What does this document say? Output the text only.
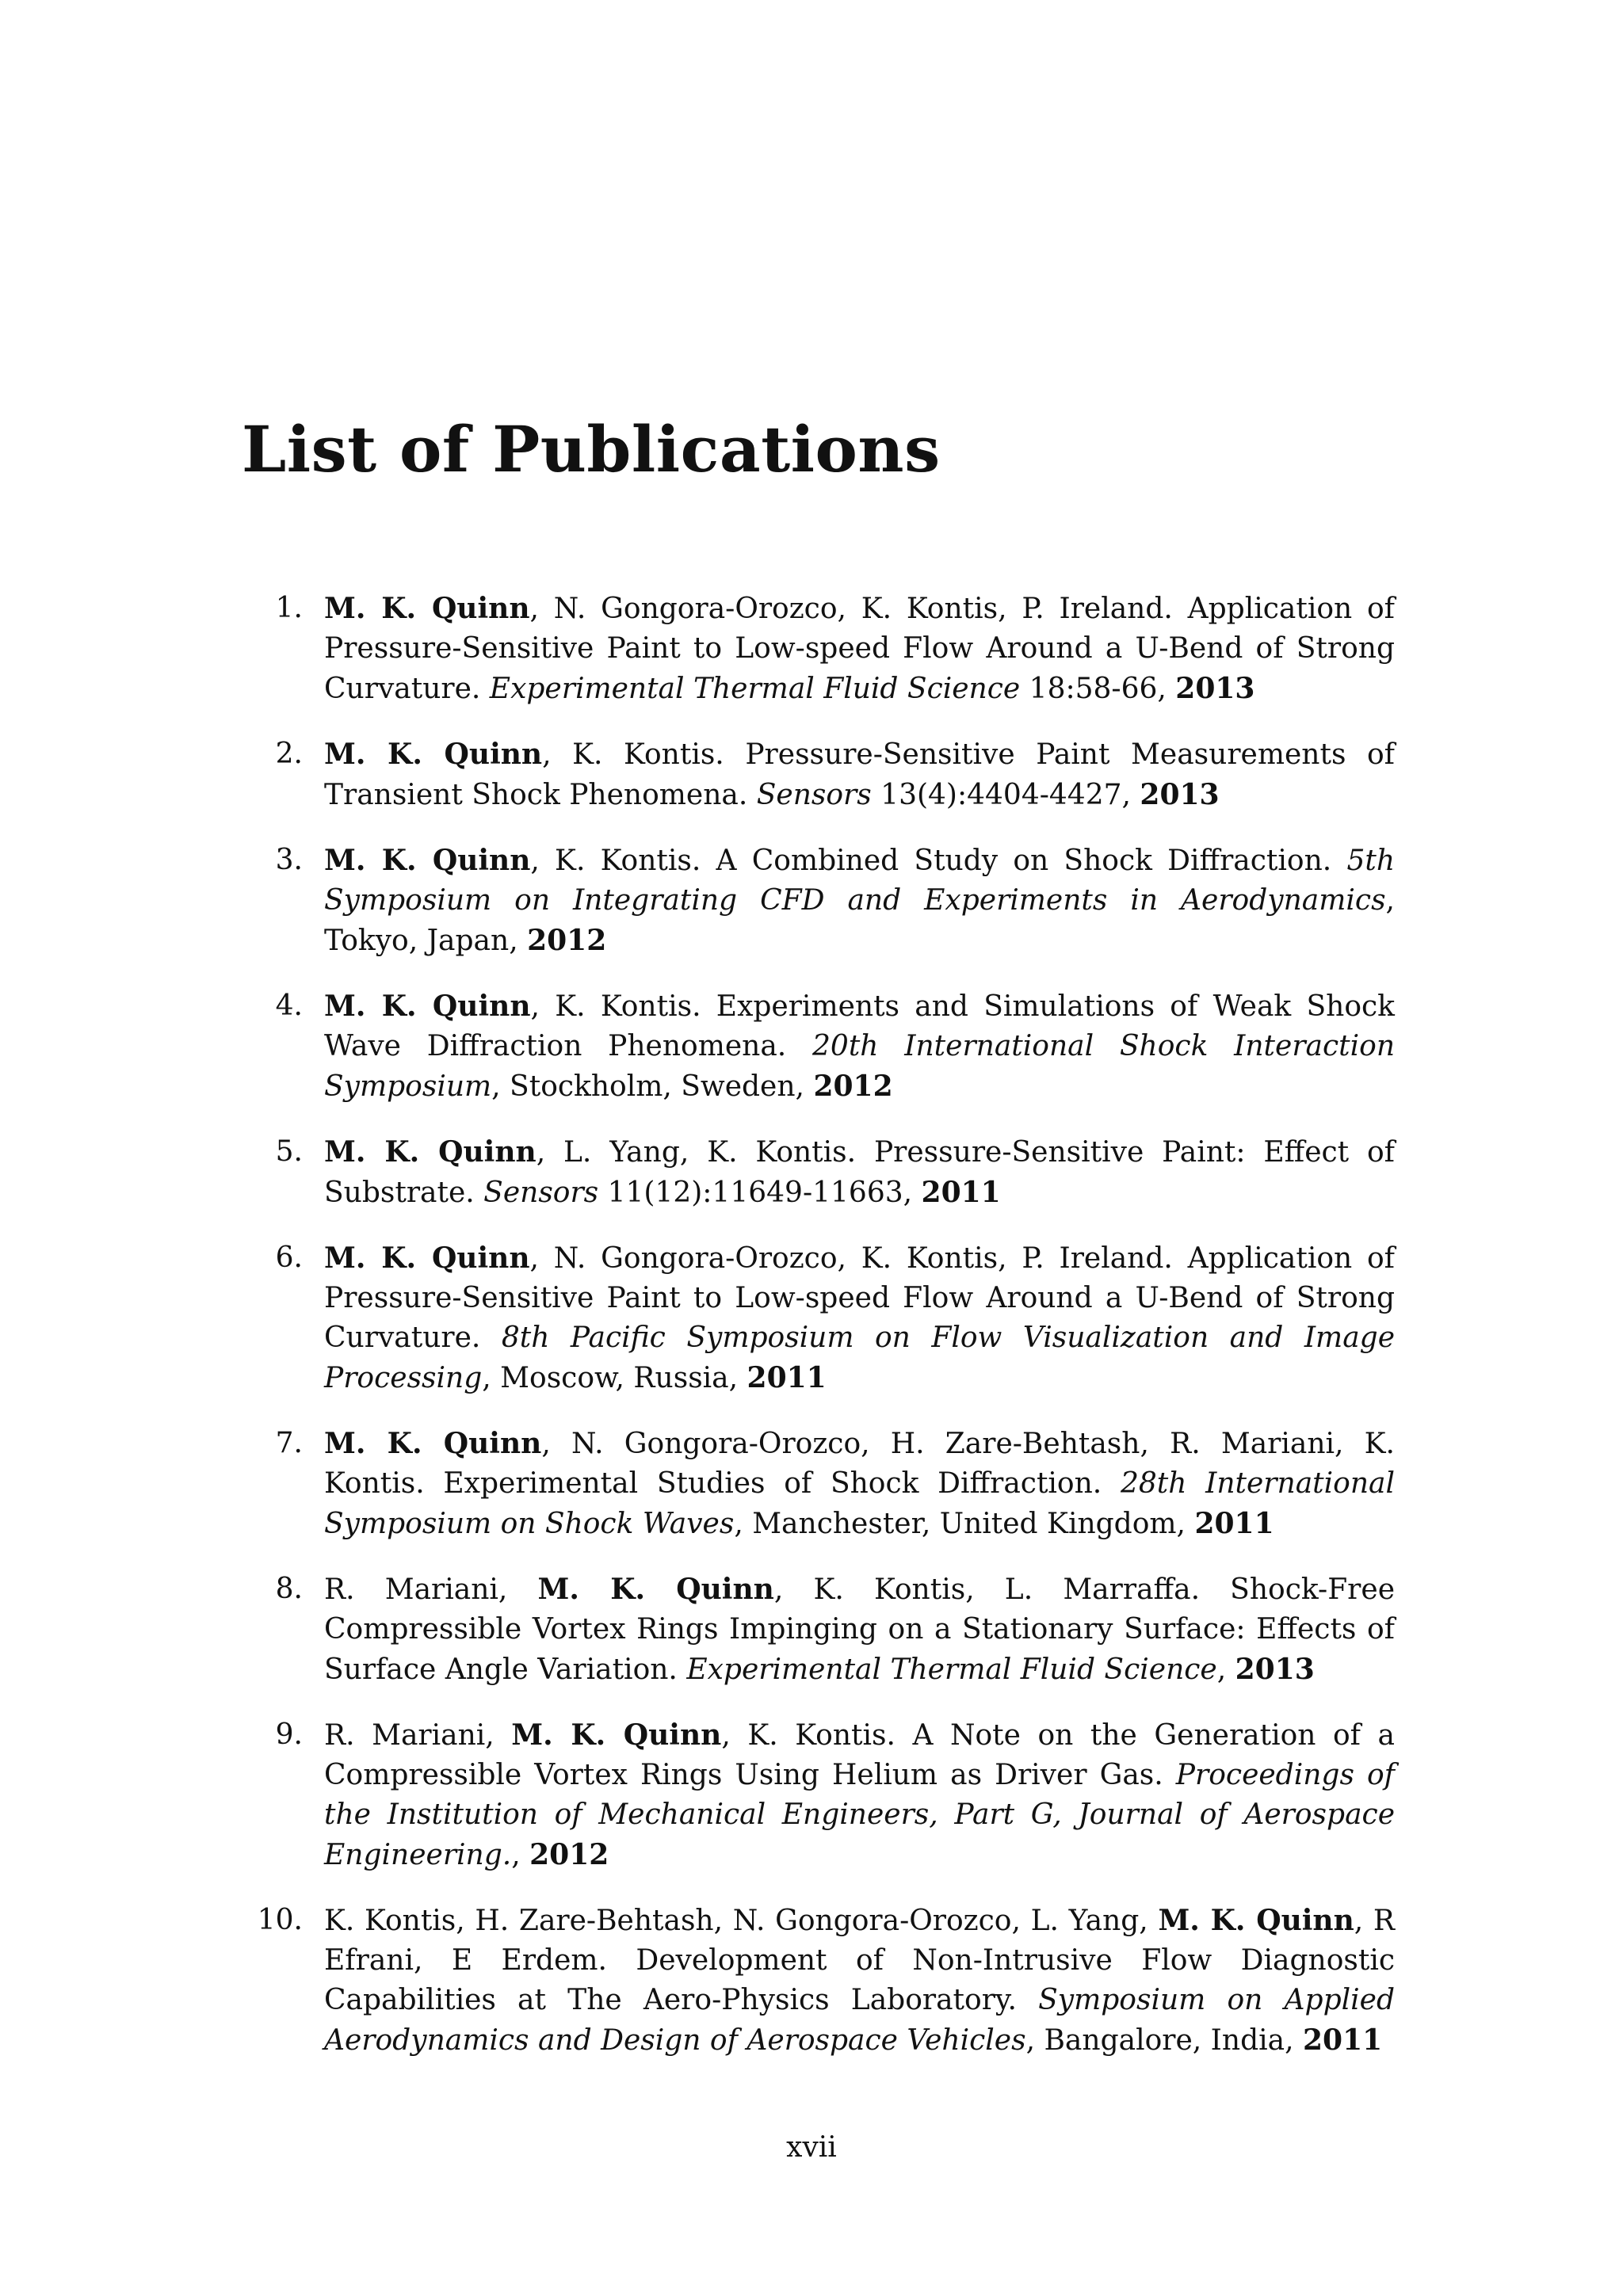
List of Publications
1. M. K. Quinn, N. Gongora-Orozco, K. Kontis, P. Ireland. Application of Pressure-Sensitive Paint to Low-speed Flow Around a U-Bend of Strong Curvature. Experimental Thermal Fluid Science 18:58-66, 2013
2. M. K. Quinn, K. Kontis. Pressure-Sensitive Paint Measurements of Transient Shock Phenomena. Sensors 13(4):4404-4427, 2013
3. M. K. Quinn, K. Kontis. A Combined Study on Shock Diffraction. 5th Symposium on Integrating CFD and Experiments in Aerodynamics, Tokyo, Japan, 2012
4. M. K. Quinn, K. Kontis. Experiments and Simulations of Weak Shock Wave Diffraction Phenomena. 20th International Shock Interaction Symposium, Stockholm, Sweden, 2012
5. M. K. Quinn, L. Yang, K. Kontis. Pressure-Sensitive Paint: Effect of Substrate. Sensors 11(12):11649-11663, 2011
6. M. K. Quinn, N. Gongora-Orozco, K. Kontis, P. Ireland. Application of Pressure-Sensitive Paint to Low-speed Flow Around a U-Bend of Strong Curvature. 8th Pacific Symposium on Flow Visualization and Image Processing, Moscow, Russia, 2011
7. M. K. Quinn, N. Gongora-Orozco, H. Zare-Behtash, R. Mariani, K. Kontis. Experimental Studies of Shock Diffraction. 28th International Symposium on Shock Waves, Manchester, United Kingdom, 2011
8. R. Mariani, M. K. Quinn, K. Kontis, L. Marraffa. Shock-Free Compressible Vortex Rings Impinging on a Stationary Surface: Effects of Surface Angle Variation. Experimental Thermal Fluid Science, 2013
9. R. Mariani, M. K. Quinn, K. Kontis. A Note on the Generation of a Compressible Vortex Rings Using Helium as Driver Gas. Proceedings of the Institution of Mechanical Engineers, Part G, Journal of Aerospace Engineering., 2012
10. K. Kontis, H. Zare-Behtash, N. Gongora-Orozco, L. Yang, M. K. Quinn, R Efrani, E Erdem. Development of Non-Intrusive Flow Diagnostic Capabilities at The Aero-Physics Laboratory. Symposium on Applied Aerodynamics and Design of Aerospace Vehicles, Bangalore, India, 2011
xvii
